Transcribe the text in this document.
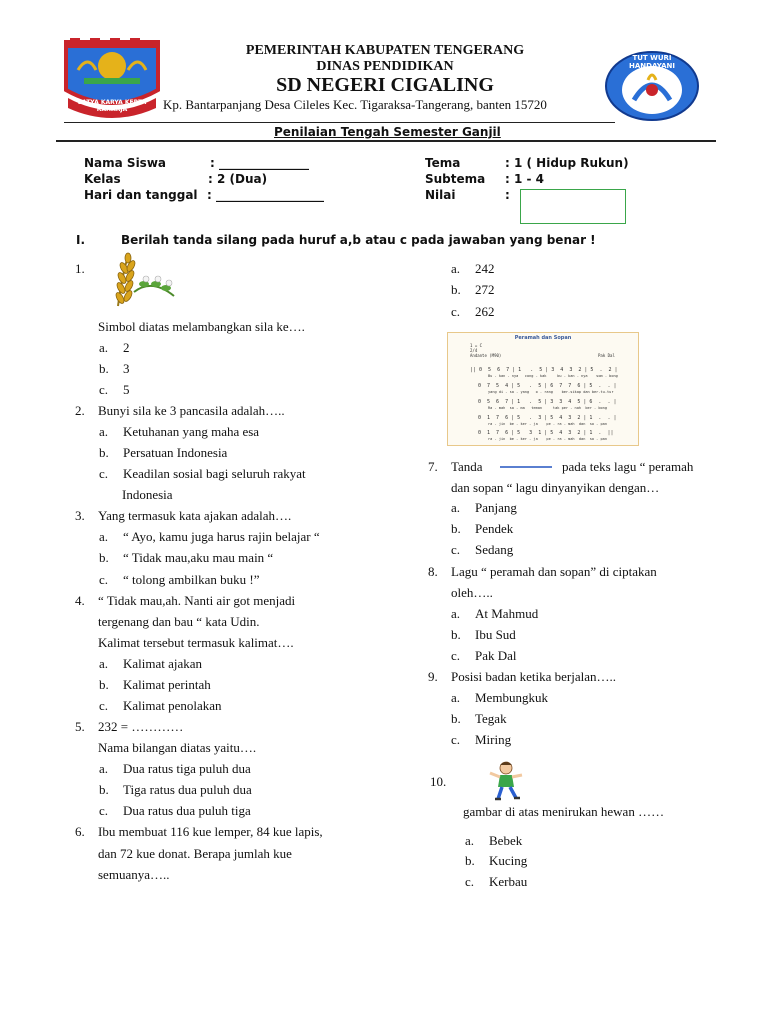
SATYA KARYA KERTA RAHARJA
TUT WURI HANDAYANI
PEMERINTAH KABUPATEN TENGERANG
DINAS PENDIDIKAN
SD NEGERI CIGALING
Kp. Bantarpanjang Desa Cileles Kec. Tigaraksa-Tangerang, banten 15720
Penilaian Tengah Semester Ganjil
Nama Siswa	: _______________
Kelas	: 2 (Dua)
Hari dan tanggal : __________________
Tema	: 1 ( Hidup Rukun)
Subtema : 1 - 4
Nilai	:
I.	Berilah tanda silang pada huruf a,b atau c pada jawaban yang benar !
1.
Simbol diatas melambangkan sila ke….
a. 2
b. 3
c. 5
2. Bunyi sila ke 3 pancasila adalah…..
a. Ketuhanan yang maha esa
b. Persatuan Indonesia
c. Keadilan sosial bagi seluruh rakyat
Indonesia
3. Yang termasuk kata ajakan adalah….
a. “ Ayo, kamu juga harus rajin belajar “
b. “ Tidak mau,aku mau main “
c. “ tolong ambilkan buku !”
4. “ Tidak mau,ah. Nanti air got menjadi
tergenang dan bau “ kata Udin.
Kalimat tersebut termasuk kalimat….
a. Kalimat ajakan
b. Kalimat perintah
c. Kalimat penolakan
5. 232 = …………
Nama bilangan diatas yaitu….
a. Dua ratus tiga puluh dua
b. Tiga ratus dua puluh dua
c. Dua ratus dua puluh tiga
6. Ibu membuat 116 kue lemper, 84 kue lapis,
dan 72 kue donat. Berapa jumlah kue
semuanya…..
a. 242
b. 272
c. 262
Peramah dan Sopan
1 = C
2/4
Andante (M90)	Pak Dal
|| 0  5  6  7 | 1   .  5 | 3  4  3  2 | 5  .  2 |
Bu - kan - nya   cong - kak     bu - kan - nya    som - bong
0  7  5  4 | 5   .  5 | 6  7  7  6 | 5  .  . |
yang di - sa - yang   o - rang    ber-sikap dan ber-tu-tur
0  5  6  7 | 1   .  5 | 3  3  4  5 | 6  .  . |
Ra - mah  sa - ma   teman     tak per - nah  ber - bong
0  1  7  6 | 5   .  3 | 5  4  3  2 | 1  .  . |
ra - jin  be - ker - ja    pe - ra - mah  dan  so - pan
0  1  7  6 | 5   3  1 | 5  4  3  2 | 1  .  ||
ra - jin  be - ker - ja    pe - ra - mah  dan  so - pan
7. Tanda	pada teks lagu “ peramah
dan sopan “ lagu dinyanyikan dengan…
a. Panjang
b. Pendek
c. Sedang
8. Lagu “ peramah dan sopan” di ciptakan
oleh…..
a. At Mahmud
b. Ibu Sud
c. Pak Dal
9. Posisi badan ketika berjalan…..
a. Membungkuk
b. Tegak
c. Miring
10.
gambar di atas menirukan hewan ……
a. Bebek
b. Kucing
c. Kerbau
